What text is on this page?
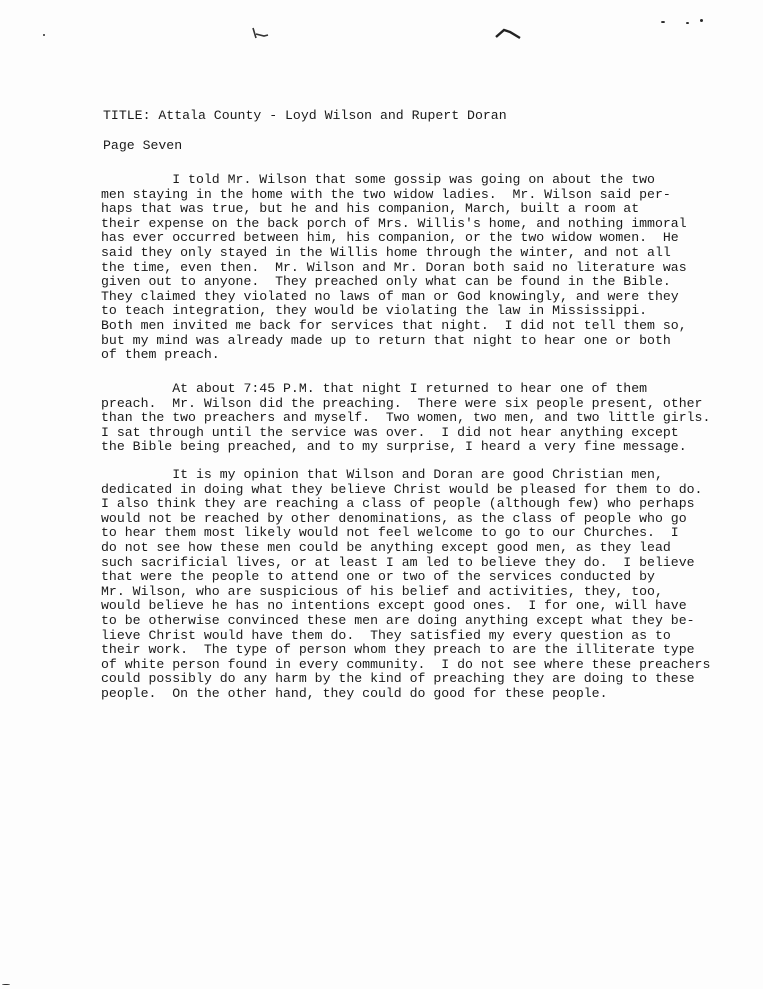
TITLE: Attala County - Loyd Wilson and Rupert Doran
Page Seven

I told Mr. Wilson that some gossip was going on about the two
men staying in the home with the two widow ladies.  Mr. Wilson said per-
haps that was true, but he and his companion, March, built a room at
their expense on the back porch of Mrs. Willis's home, and nothing immoral
has ever occurred between him, his companion, or the two widow women.  He
said they only stayed in the Willis home through the winter, and not all
the time, even then.  Mr. Wilson and Mr. Doran both said no literature was
given out to anyone.  They preached only what can be found in the Bible.
They claimed they violated no laws of man or God knowingly, and were they
to teach integration, they would be violating the law in Mississippi.
Both men invited me back for services that night.  I did not tell them so,
but my mind was already made up to return that night to hear one or both
of them preach.

At about 7:45 P.M. that night I returned to hear one of them
preach.  Mr. Wilson did the preaching.  There were six people present, other
than the two preachers and myself.  Two women, two men, and two little girls.
I sat through until the service was over.  I did not hear anything except
the Bible being preached, and to my surprise, I heard a very fine message.

It is my opinion that Wilson and Doran are good Christian men,
dedicated in doing what they believe Christ would be pleased for them to do.
I also think they are reaching a class of people (although few) who perhaps
would not be reached by other denominations, as the class of people who go
to hear them most likely would not feel welcome to go to our Churches.  I
do not see how these men could be anything except good men, as they lead
such sacrificial lives, or at least I am led to believe they do.  I believe
that were the people to attend one or two of the services conducted by
Mr. Wilson, who are suspicious of his belief and activities, they, too,
would believe he has no intentions except good ones.  I for one, will have
to be otherwise convinced these men are doing anything except what they be-
lieve Christ would have them do.  They satisfied my every question as to
their work.  The type of person whom they preach to are the illiterate type
of white person found in every community.  I do not see where these preachers
could possibly do any harm by the kind of preaching they are doing to these
people.  On the other hand, they could do good for these people.
